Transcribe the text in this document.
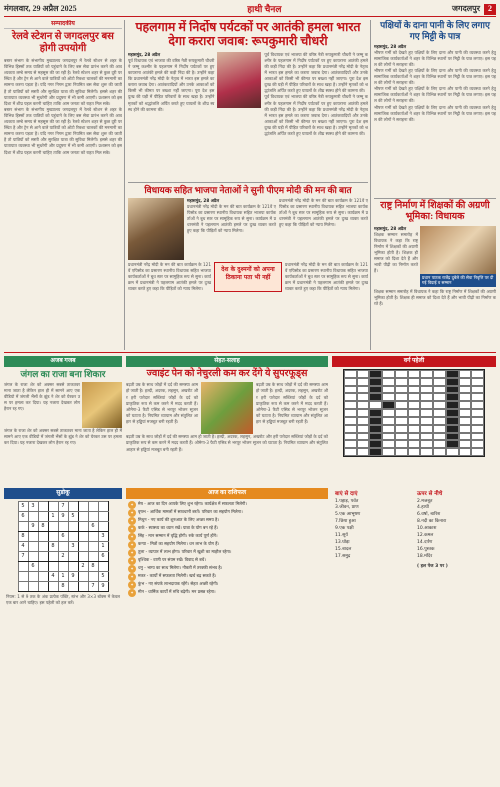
मंगलवार, 29 अप्रैल 2025	हाथी चैनल	जगदलपुर	2
सम्पादकीय
रेलवे स्टेशन से जगदलपुर बस होगी उपयोगी

बस्तर संभाग के संभागीय मुख्यालय जगदलपुर में रेलवे स्टेशन से शहर के विभिन्न हिस्सों तक यात्रियों को पहुंचाने के लिए बस सेवा प्रारंभ करने की आवश्यकता लम्बे समय से महसूस की जा रही है। रेलवे स्टेशन शहर से कुछ दूरी पर स्थित है और ट्रेन से आने वाले यात्रियों को ऑटो रिक्शा चालकों की मनमानी का सामना करना पड़ता है। यदि नगर निगम द्वारा नियमित बस सेवा शुरू की जाती है तो यात्रियों को सस्ती और सुरक्षित यात्रा की सुविधा मिलेगी। इससे शहर की यातायात व्यवस्था भी सुधरेगी और प्रदूषण में भी कमी आएगी। प्रशासन को इस दिशा में शीघ्र पहल करनी चाहिए ताकि आम जनता को राहत मिल सके।

बस्तर संभाग के संभागीय मुख्यालय जगदलपुर में रेलवे स्टेशन से शहर के विभिन्न हिस्सों तक यात्रियों को पहुंचाने के लिए बस सेवा प्रारंभ करने की आवश्यकता लम्बे समय से महसूस की जा रही है। रेलवे स्टेशन शहर से कुछ दूरी पर स्थित है और ट्रेन से आने वाले यात्रियों को ऑटो रिक्शा चालकों की मनमानी का सामना करना पड़ता है। यदि नगर निगम द्वारा नियमित बस सेवा शुरू की जाती है तो यात्रियों को सस्ती और सुरक्षित यात्रा की सुविधा मिलेगी। इससे शहर की यातायात व्यवस्था भी सुधरेगी और प्रदूषण में भी कमी आएगी। प्रशासन को इस दिशा में शीघ्र पहल करनी चाहिए ताकि आम जनता को राहत मिल सके।

पहलगाम में निर्दोष पर्यटकों पर आतंकी हमला भारत देगा करारा जवाब: रूपकुमारी चौधरी

महासमुंद, 28 अप्रैल

पूर्व विधायक एवं भाजपा की वरिष्ठ नेत्री रूपकुमारी चौधरी ने जम्मू कश्मीर के पहलगाम में निर्दोष पर्यटकों पर हुए कायराना आतंकी हमले की कड़ी निंदा की है। उन्होंने कहा कि प्रधानमंत्री नरेंद्र मोदी के नेतृत्व में भारत इस हमले का करारा जवाब देगा। आतंकवादियों और उनके आकाओं को किसी भी कीमत पर बख्शा नहीं जाएगा। पूरा देश इस दुःख की घड़ी में पीड़ित परिवारों के साथ खड़ा है। उन्होंने मृतकों को श्रद्धांजलि अर्पित करते हुए घायलों के शीघ्र स्वस्थ होने की कामना की।

पूर्व विधायक एवं भाजपा की वरिष्ठ नेत्री रूपकुमारी चौधरी ने जम्मू कश्मीर के पहलगाम में निर्दोष पर्यटकों पर हुए कायराना आतंकी हमले की कड़ी निंदा की है। उन्होंने कहा कि प्रधानमंत्री नरेंद्र मोदी के नेतृत्व में भारत इस हमले का करारा जवाब देगा। आतंकवादियों और उनके आकाओं को किसी भी कीमत पर बख्शा नहीं जाएगा। पूरा देश इस दुःख की घड़ी में पीड़ित परिवारों के साथ खड़ा है। उन्होंने मृतकों को श्रद्धांजलि अर्पित करते हुए घायलों के शीघ्र स्वस्थ होने की कामना की।

पूर्व विधायक एवं भाजपा की वरिष्ठ नेत्री रूपकुमारी चौधरी ने जम्मू कश्मीर के पहलगाम में निर्दोष पर्यटकों पर हुए कायराना आतंकी हमले की कड़ी निंदा की है। उन्होंने कहा कि प्रधानमंत्री नरेंद्र मोदी के नेतृत्व में भारत इस हमले का करारा जवाब देगा। आतंकवादियों और उनके आकाओं को किसी भी कीमत पर बख्शा नहीं जाएगा। पूरा देश इस दुःख की घड़ी में पीड़ित परिवारों के साथ खड़ा है। उन्होंने मृतकों को श्रद्धांजलि अर्पित करते हुए घायलों के शीघ्र स्वस्थ होने की कामना की।

विधायक सहित भाजपा नेताओं ने सुनी पीएम मोदी की मन की बात

महासमुंद, 28 अप्रैल

प्रधानमंत्री नरेंद्र मोदी के मन की बात कार्यक्रम के 121वें एपिसोड का प्रसारण स्थानीय विधायक सहित भाजपा कार्यकर्ताओं ने बूथ स्तर पर सामूहिक रूप से सुना। कार्यक्रम में प्रधानमंत्री ने पहलगाम आतंकी हमले पर दुःख व्यक्त करते हुए कहा कि पीड़ितों को न्याय मिलेगा।

प्रधानमंत्री नरेंद्र मोदी के मन की बात कार्यक्रम के 121वें एपिसोड का प्रसारण स्थानीय विधायक सहित भाजपा कार्यकर्ताओं ने बूथ स्तर पर सामूहिक रूप से सुना। कार्यक्रम में प्रधानमंत्री ने पहलगाम आतंकी हमले पर दुःख व्यक्त करते हुए कहा कि पीड़ितों को न्याय मिलेगा।

प्रधानमंत्री नरेंद्र मोदी के मन की बात कार्यक्रम के 121वें एपिसोड का प्रसारण स्थानीय विधायक सहित भाजपा कार्यकर्ताओं ने बूथ स्तर पर सामूहिक रूप से सुना। कार्यक्रम में प्रधानमंत्री ने पहलगाम आतंकी हमले पर दुःख व्यक्त करते हुए कहा कि पीड़ितों को न्याय मिलेगा।

देश के दुश्मनों को अपना ठिकाना पता भी नहीं

प्रधानमंत्री नरेंद्र मोदी के मन की बात कार्यक्रम के 121वें एपिसोड का प्रसारण स्थानीय विधायक सहित भाजपा कार्यकर्ताओं ने बूथ स्तर पर सामूहिक रूप से सुना। कार्यक्रम में प्रधानमंत्री ने पहलगाम आतंकी हमले पर दुःख व्यक्त करते हुए कहा कि पीड़ितों को न्याय मिलेगा।

पक्षियों के दाना पानी के लिए लगाए गए मिट्टी के पात्र

महासमुंद, 28 अप्रैल

भीषण गर्मी को देखते हुए पक्षियों के लिए दाना और पानी की व्यवस्था करने हेतु सामाजिक कार्यकर्ताओं ने शहर के विभिन्न स्थानों पर मिट्टी के पात्र लगाए। इस पहल की लोगों ने सराहना की।

भीषण गर्मी को देखते हुए पक्षियों के लिए दाना और पानी की व्यवस्था करने हेतु सामाजिक कार्यकर्ताओं ने शहर के विभिन्न स्थानों पर मिट्टी के पात्र लगाए। इस पहल की लोगों ने सराहना की।

भीषण गर्मी को देखते हुए पक्षियों के लिए दाना और पानी की व्यवस्था करने हेतु सामाजिक कार्यकर्ताओं ने शहर के विभिन्न स्थानों पर मिट्टी के पात्र लगाए। इस पहल की लोगों ने सराहना की।

भीषण गर्मी को देखते हुए पक्षियों के लिए दाना और पानी की व्यवस्था करने हेतु सामाजिक कार्यकर्ताओं ने शहर के विभिन्न स्थानों पर मिट्टी के पात्र लगाए। इस पहल की लोगों ने सराहना की।

राष्ट्र निर्माण में शिक्षकों की अग्रणी भूमिका: विधायक

महासमुंद, 28 अप्रैल

शिक्षक सम्मान समारोह में विधायक ने कहा कि राष्ट्र निर्माण में शिक्षकों की अग्रणी भूमिका होती है। शिक्षक ही समाज को दिशा देते हैं और भावी पीढ़ी का निर्माण करते हैं।

प्रधान पाठक राजेंद्र दुबेले की सेवा निवृत्ति पर दी गई विदाई व सम्मान

शिक्षक सम्मान समारोह में विधायक ने कहा कि राष्ट्र निर्माण में शिक्षकों की अग्रणी भूमिका होती है। शिक्षक ही समाज को दिशा देते हैं और भावी पीढ़ी का निर्माण करते हैं।

अजब गजब
जंगल का राजा बना शिकार

जंगल के राजा शेर को अक्सर सबसे ताकतवर माना जाता है लेकिन हाल ही में सामने आए एक वीडियो में जंगली भैंसों के झुंड ने शेर को घेरकर उस पर हमला कर दिया। यह नजारा देखकर लोग हैरान रह गए।

जंगल के राजा शेर को अक्सर सबसे ताकतवर माना जाता है लेकिन हाल ही में सामने आए एक वीडियो में जंगली भैंसों के झुंड ने शेर को घेरकर उस पर हमला कर दिया। यह नजारा देखकर लोग हैरान रह गए।

सेहत-सलाह
ज्वाइंट पेन को नेचुरली कम कर देंगे ये सुपरफूड्स

बढ़ती उम्र के साथ जोड़ों में दर्द की समस्या आम हो जाती है। हल्दी, अदरक, लहसुन, अखरोट और हरी पत्तेदार सब्जियां जोड़ों के दर्द को प्राकृतिक रूप से कम करने में मदद करती हैं। ओमेगा-3 फैटी एसिड से भरपूर भोजन सूजन को घटाता है। नियमित व्यायाम और संतुलित आहार से हड्डियां मजबूत बनी रहती हैं।

बढ़ती उम्र के साथ जोड़ों में दर्द की समस्या आम हो जाती है। हल्दी, अदरक, लहसुन, अखरोट और हरी पत्तेदार सब्जियां जोड़ों के दर्द को प्राकृतिक रूप से कम करने में मदद करती हैं। ओमेगा-3 फैटी एसिड से भरपूर भोजन सूजन को घटाता है। नियमित व्यायाम और संतुलित आहार से हड्डियां मजबूत बनी रहती हैं।

बढ़ती उम्र के साथ जोड़ों में दर्द की समस्या आम हो जाती है। हल्दी, अदरक, लहसुन, अखरोट और हरी पत्तेदार सब्जियां जोड़ों के दर्द को प्राकृतिक रूप से कम करने में मदद करती हैं। ओमेगा-3 फैटी एसिड से भरपूर भोजन सूजन को घटाता है। नियमित व्यायाम और संतुलित आहार से हड्डियां मजबूत बनी रहती हैं।

वर्ग पहेली
सुडोकू
5	3			7				
6			1	9	5			
	9	8					6	
8				6				3
4			8		3			1
7				2				6
	6					2	8	
			4	1	9			5
				8			7	9

नियम: 1 से 9 तक के अंक प्रत्येक पंक्ति, स्तंभ और 3×3 बॉक्स में केवल एक बार आने चाहिए। इस पहेली को हल करें।

आज का राशिफल
✦	मेष - आज का दिन आपके लिए शुभ रहेगा। कार्यक्षेत्र में सफलता मिलेगी।
✦	वृषभ - आर्थिक मामलों में सावधानी बरतें। परिवार का सहयोग मिलेगा।
✦	मिथुन - नए कार्य की शुरुआत के लिए अच्छा समय है।
✦	कर्क - स्वास्थ्य का ध्यान रखें। यात्रा के योग बन रहे हैं।
✦	सिंह - मान सम्मान में वृद्धि होगी। रुके कार्य पूर्ण होंगे।
✦	कन्या - मित्रों का सहयोग मिलेगा। धन लाभ के योग हैं।
✦	तुला - व्यापार में लाभ होगा। परिवार में खुशी का माहौल रहेगा।
✦	वृश्चिक - वाणी पर संयम रखें। विवाद से बचें।
✦	धनु - भाग्य का साथ मिलेगा। नौकरी में तरक्की संभव है।
✦	मकर - कार्यों में सफलता मिलेगी। खर्च बढ़ सकते हैं।
✦	कुंभ - नए संपर्क लाभदायक रहेंगे। सेहत अच्छी रहेगी।
✦	मीन - धार्मिक कार्यों में रुचि बढ़ेगी। मन प्रसन्न रहेगा।
बाएं से दाएं
1.पहाड़, पर्वत
3.जीवन, प्राण
5.एक आभूषण
7.छिपा हुआ
9.एक पक्षी
11.सूर्य
13.घोड़ा
15.बादल
17.समुद्र
ऊपर से नीचे
2.मजबूत
4.हाथी
6.वर्षा, बारिश
8.नदी का किनारा
10.आकाश
12.कमल
14.दर्पण
16.पुस्तक
18.मंदिर
( हल पेज 3 पर )
